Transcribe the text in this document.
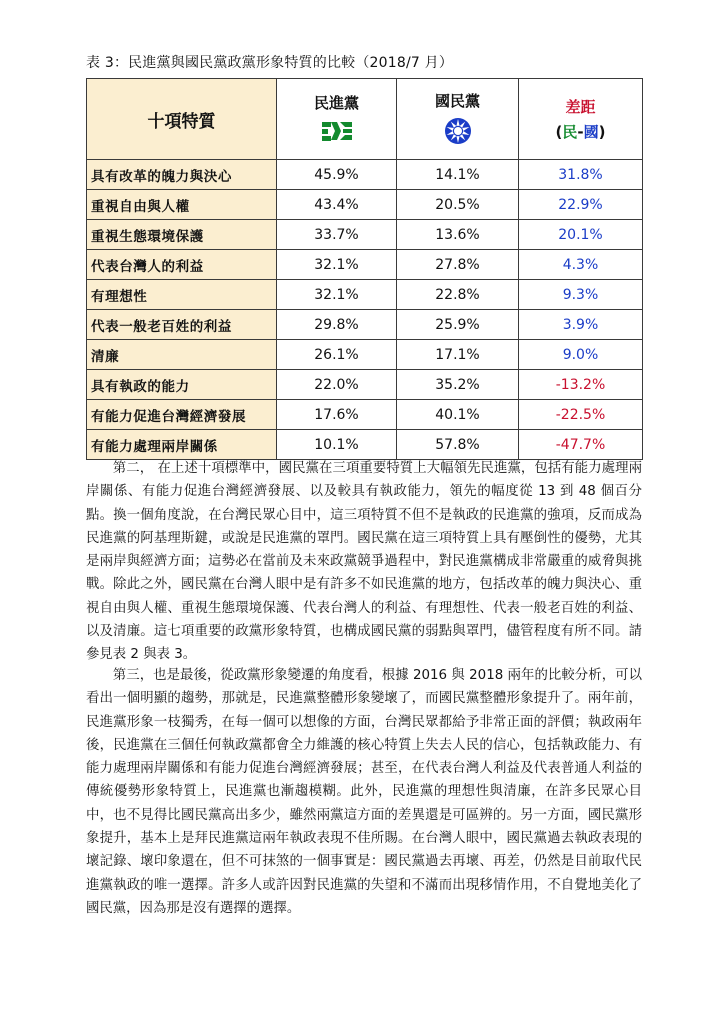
表 3：民進黨與國民黨政黨形象特質的比較（2018/7 月）
十項特質	民進黨	國民黨	差距
(民-國)

具有改革的魄力與決心	45.9%	14.1%	31.8%
重視自由與人權	43.4%	20.5%	22.9%
重視生態環境保護	33.7%	13.6%	20.1%
代表台灣人的利益	32.1%	27.8%	4.3%
有理想性	32.1%	22.8%	9.3%
代表一般老百姓的利益	29.8%	25.9%	3.9%
清廉	26.1%	17.1%	9.0%
具有執政的能力	22.0%	35.2%	-13.2%
有能力促進台灣經濟發展	17.6%	40.1%	-22.5%
有能力處理兩岸關係	10.1%	57.8%	-47.7%

第二， 在上述十項標準中，國民黨在三項重要特質上大幅領先民進黨，包括有能力處理兩岸關係、有能力促進台灣經濟發展、以及較具有執政能力，領先的幅度從 13 到 48 個百分點。換一個角度說，在台灣民眾心目中，這三項特質不但不是執政的民進黨的強項，反而成為民進黨的阿基理斯鍵，或說是民進黨的罩門。國民黨在這三項特質上具有壓倒性的優勢，尤其是兩岸與經濟方面；這勢必在當前及未來政黨競爭過程中，對民進黨構成非常嚴重的威脅與挑戰。除此之外，國民黨在台灣人眼中是有許多不如民進黨的地方，包括改革的魄力與決心、重視自由與人權、重視生態環境保護、代表台灣人的利益、有理想性、代表一般老百姓的利益、以及清廉。這七項重要的政黨形象特質，也構成國民黨的弱點與罩門，儘管程度有所不同。請參見表 2 與表 3。

第三，也是最後，從政黨形象變遷的角度看，根據 2016 與 2018 兩年的比較分析，可以看出一個明顯的趨勢，那就是，民進黨整體形象變壞了，而國民黨整體形象提升了。兩年前，民進黨形象一枝獨秀，在每一個可以想像的方面，台灣民眾都給予非常正面的評價；執政兩年後，民進黨在三個任何執政黨都會全力維護的核心特質上失去人民的信心，包括執政能力、有能力處理兩岸關係和有能力促進台灣經濟發展；甚至，在代表台灣人利益及代表普通人利益的傳統優勢形象特質上，民進黨也漸趨模糊。此外，民進黨的理想性與清廉，在許多民眾心目中，也不見得比國民黨高出多少，雖然兩黨這方面的差異還是可區辨的。另一方面，國民黨形象提升，基本上是拜民進黨這兩年執政表現不佳所賜。在台灣人眼中，國民黨過去執政表現的壞記錄、壞印象還在，但不可抹煞的一個事實是：國民黨過去再壞、再差，仍然是目前取代民進黨執政的唯一選擇。許多人或許因對民進黨的失望和不滿而出現移情作用，不自覺地美化了國民黨，因為那是沒有選擇的選擇。
